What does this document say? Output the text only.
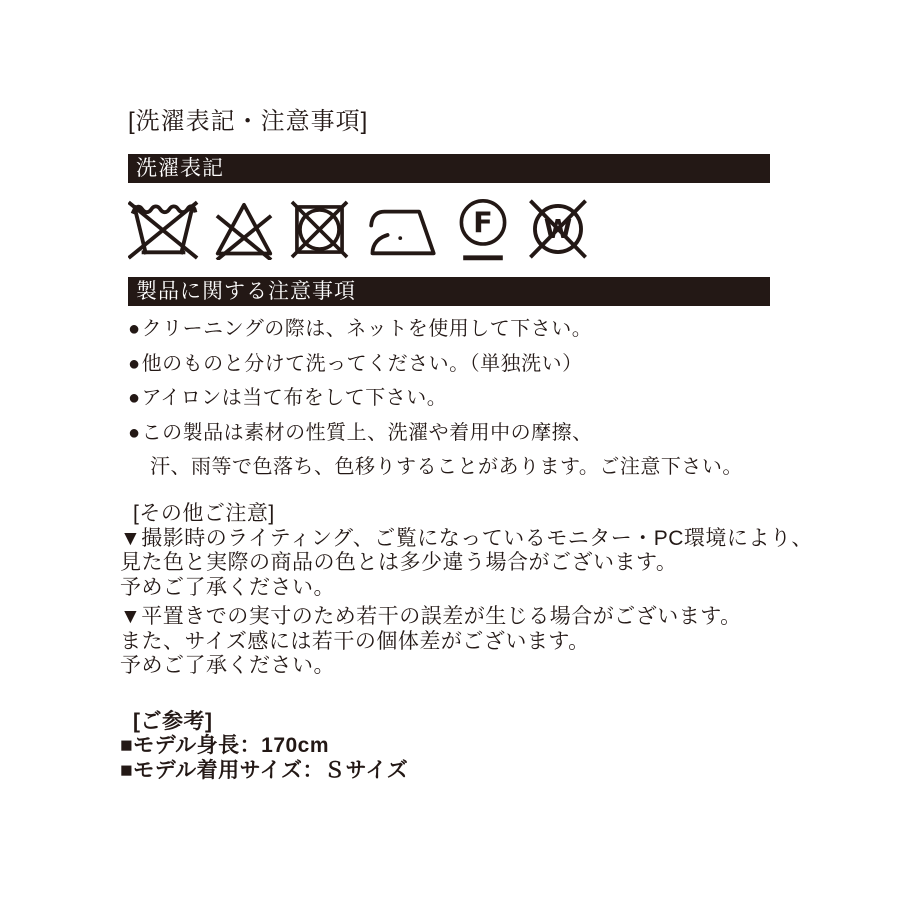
[洗濯表記・注意事項]
洗濯表記
F W
製品に関する注意事項
●クリーニングの際は、ネットを使用して下さい。
●他のものと分けて洗ってください。（単独洗い）
●アイロンは当て布をして下さい。
●この製品は素材の性質上、洗濯や着用中の摩擦、
汗、雨等で色落ち、色移りすることがあります。ご注意下さい。
[その他ご注意]
▼撮影時のライティング、ご覧になっているモニター・PC環境により、
見た色と実際の商品の色とは多少違う場合がございます。
予めご了承ください。
▼平置きでの実寸のため若干の誤差が生じる場合がございます。
また、サイズ感には若干の個体差がございます。
予めご了承ください。
[ご参考]
■モデル身長：170cm
■モデル着用サイズ：Ｓサイズ
